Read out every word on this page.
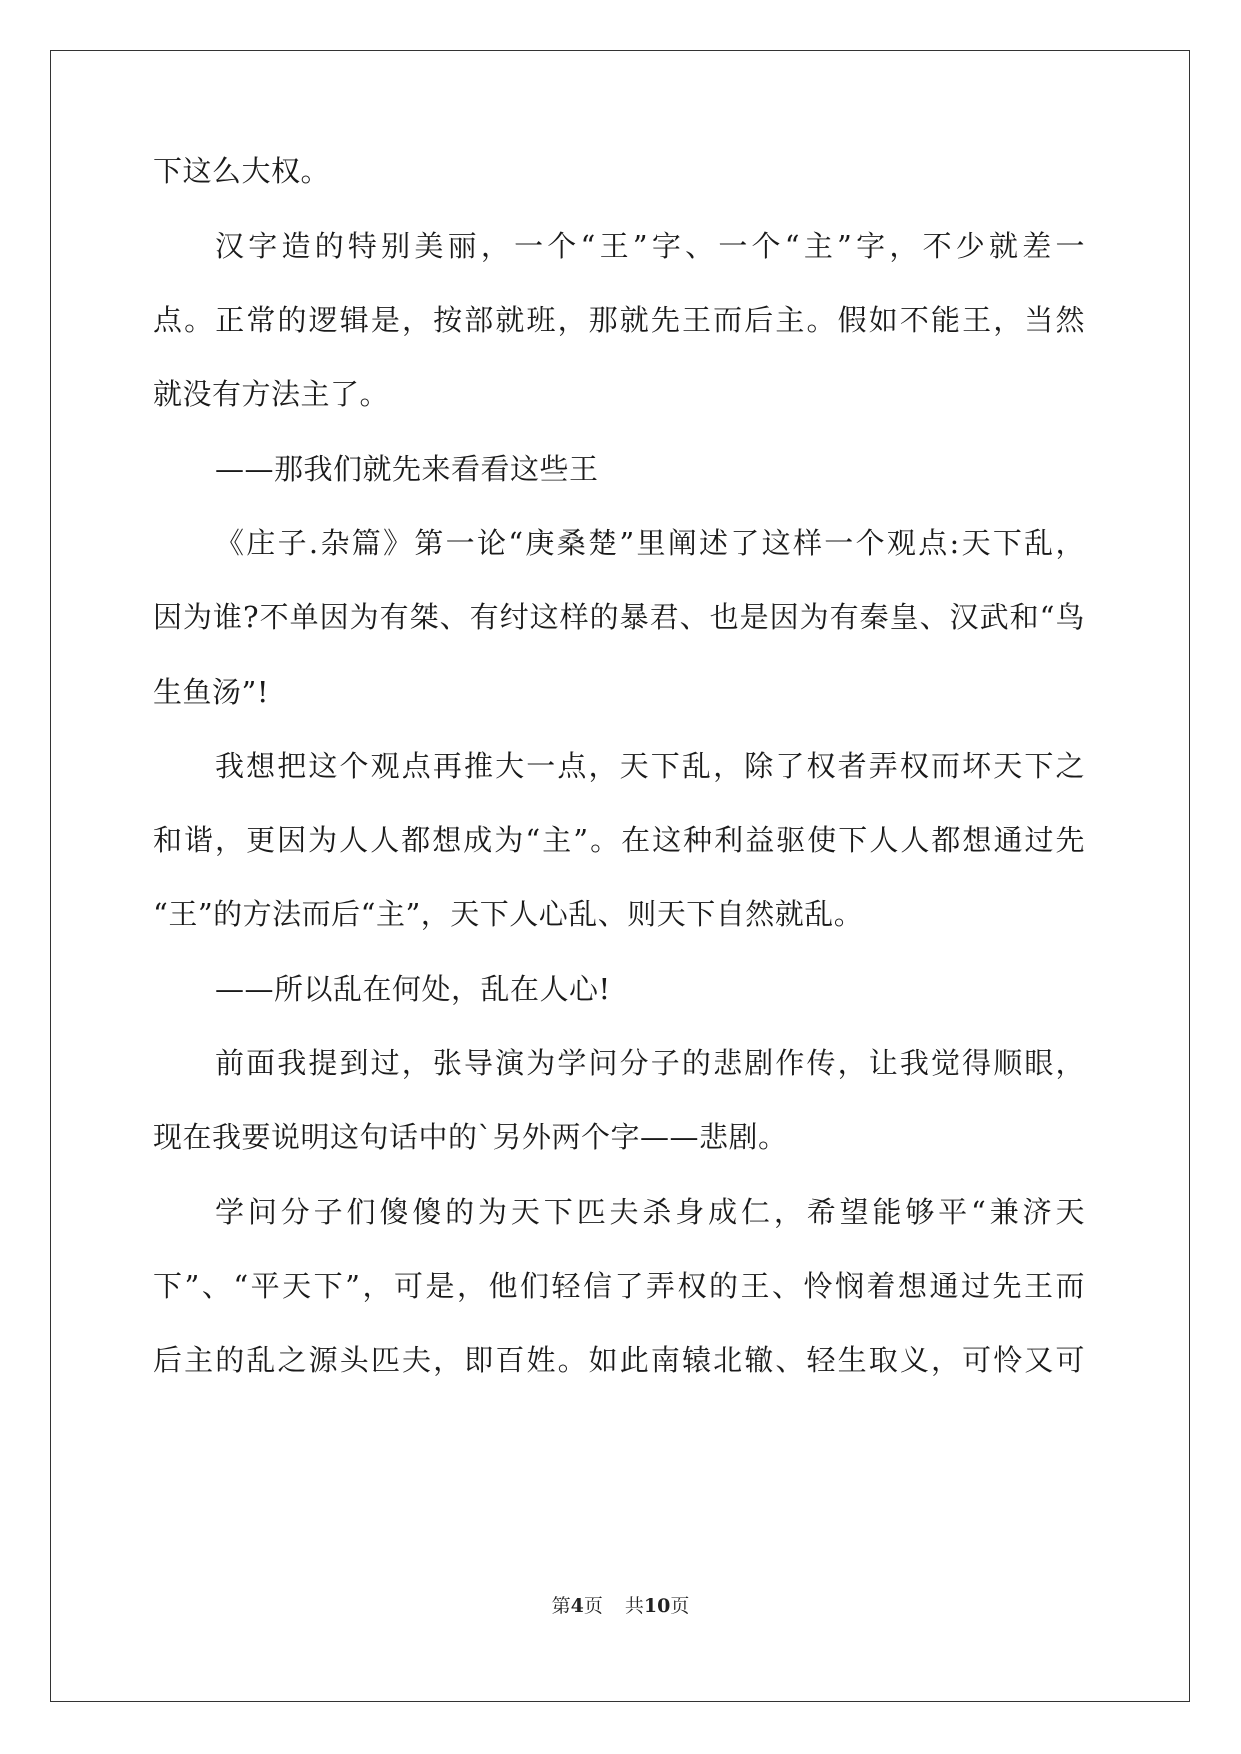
下这么大权。

汉字造的特别美丽，一个“王”字、一个“主”字，不少就差一

点。正常的逻辑是，按部就班，那就先王而后主。假如不能王，当然

就没有方法主了。

——那我们就先来看看这些王

《庄子.杂篇》第一论“庚桑楚”里阐述了这样一个观点:天下乱，

因为谁?不单因为有桀、有纣这样的暴君、也是因为有秦皇、汉武和“鸟

生鱼汤”!

我想把这个观点再推大一点，天下乱，除了权者弄权而坏天下之

和谐，更因为人人都想成为“主”。在这种利益驱使下人人都想通过先

“王”的方法而后“主”，天下人心乱、则天下自然就乱。

——所以乱在何处，乱在人心!

前面我提到过，张导演为学问分子的悲剧作传，让我觉得顺眼，

现在我要说明这句话中的`另外两个字——悲剧。

学问分子们傻傻的为天下匹夫杀身成仁，希望能够平“兼济天

下”、“平天下”，可是，他们轻信了弄权的王、怜悯着想通过先王而

后主的乱之源头匹夫，即百姓。如此南辕北辙、轻生取义，可怜又可

第4页 共10页
